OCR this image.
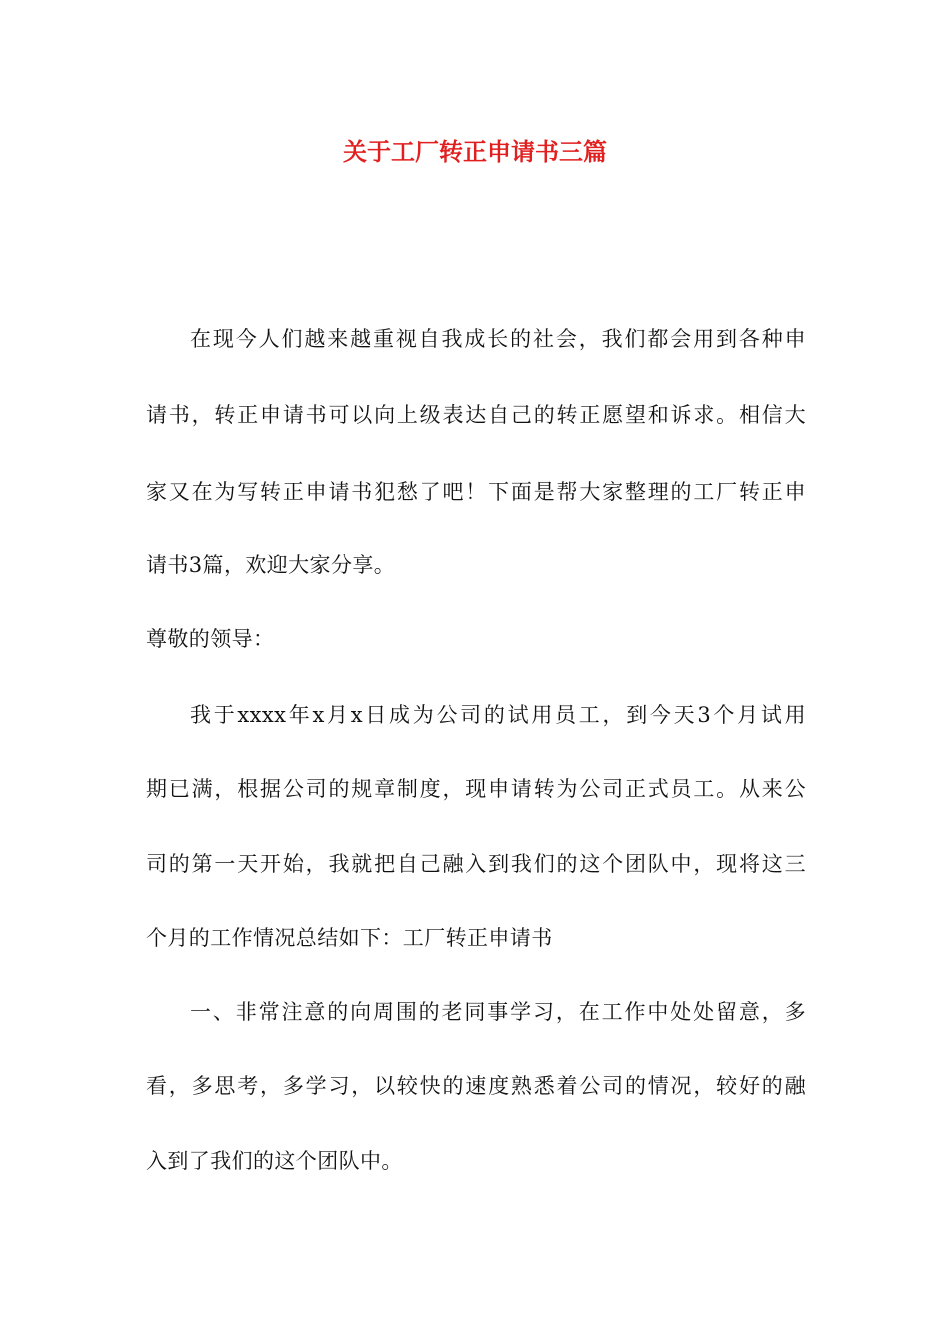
关于工厂转正申请书三篇
在现今人们越来越重视自我成长的社会，我们都会用到各种申
请书，转正申请书可以向上级表达自己的转正愿望和诉求。相信大
家又在为写转正申请书犯愁了吧！下面是帮大家整理的工厂转正申
请书3篇，欢迎大家分享。
尊敬的领导：
我于xxxx年x月x日成为公司的试用员工，到今天3个月试用
期已满，根据公司的规章制度，现申请转为公司正式员工。从来公
司的第一天开始，我就把自己融入到我们的这个团队中，现将这三
个月的工作情况总结如下：工厂转正申请书
一、非常注意的向周围的老同事学习，在工作中处处留意，多
看，多思考，多学习，以较快的速度熟悉着公司的情况，较好的融
入到了我们的这个团队中。
